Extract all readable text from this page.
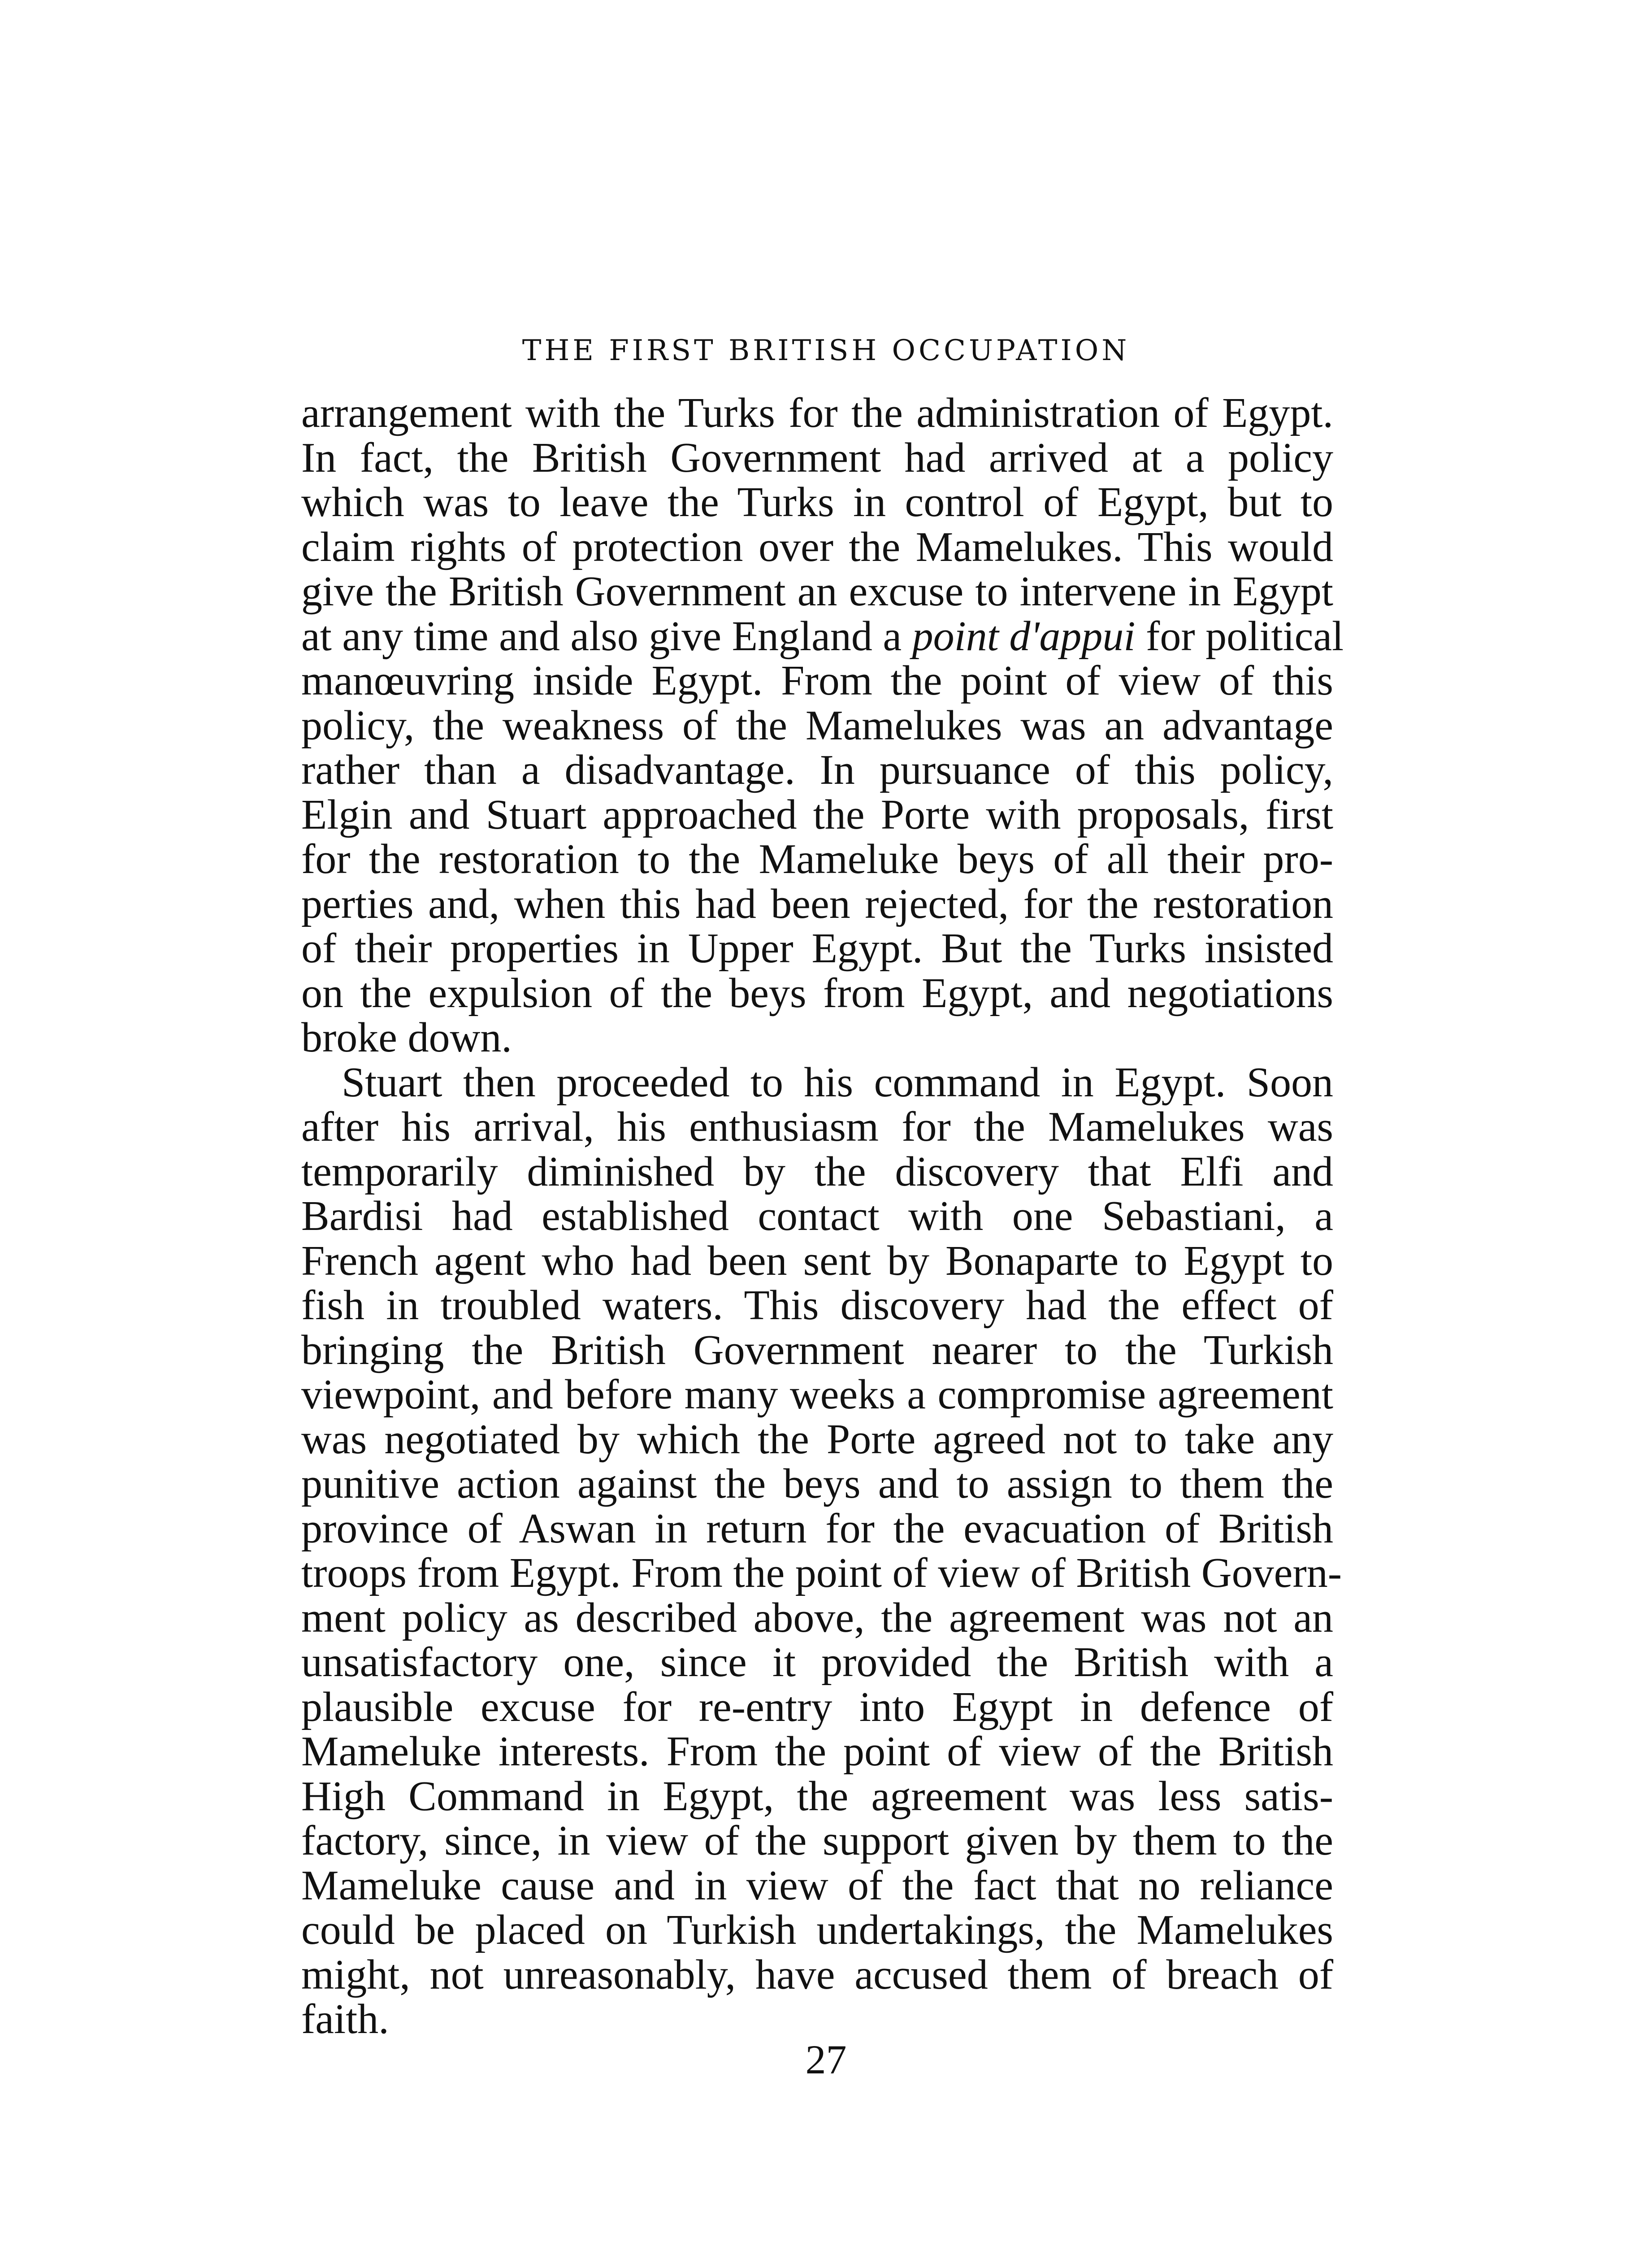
THE FIRST BRITISH OCCUPATION
arrangement with the Turks for the administration of Egypt.
In fact, the British Government had arrived at a policy
which was to leave the Turks in control of Egypt, but to
claim rights of protection over the Mamelukes. This would
give the British Government an excuse to intervene in Egypt
at any time and also give England a point d'appui for political
manœuvring inside Egypt. From the point of view of this
policy, the weakness of the Mamelukes was an advantage
rather than a disadvantage. In pursuance of this policy,
Elgin and Stuart approached the Porte with proposals, first
for the restoration to the Mameluke beys of all their pro-
perties and, when this had been rejected, for the restoration
of their properties in Upper Egypt. But the Turks insisted
on the expulsion of the beys from Egypt, and negotiations
broke down.
Stuart then proceeded to his command in Egypt. Soon
after his arrival, his enthusiasm for the Mamelukes was
temporarily diminished by the discovery that Elfi and
Bardisi had established contact with one Sebastiani, a
French agent who had been sent by Bonaparte to Egypt to
fish in troubled waters. This discovery had the effect of
bringing the British Government nearer to the Turkish
viewpoint, and before many weeks a compromise agreement
was negotiated by which the Porte agreed not to take any
punitive action against the beys and to assign to them the
province of Aswan in return for the evacuation of British
troops from Egypt. From the point of view of British Govern-
ment policy as described above, the agreement was not an
unsatisfactory one, since it provided the British with a
plausible excuse for re-entry into Egypt in defence of
Mameluke interests. From the point of view of the British
High Command in Egypt, the agreement was less satis-
factory, since, in view of the support given by them to the
Mameluke cause and in view of the fact that no reliance
could be placed on Turkish undertakings, the Mamelukes
might, not unreasonably, have accused them of breach of
faith.
27
